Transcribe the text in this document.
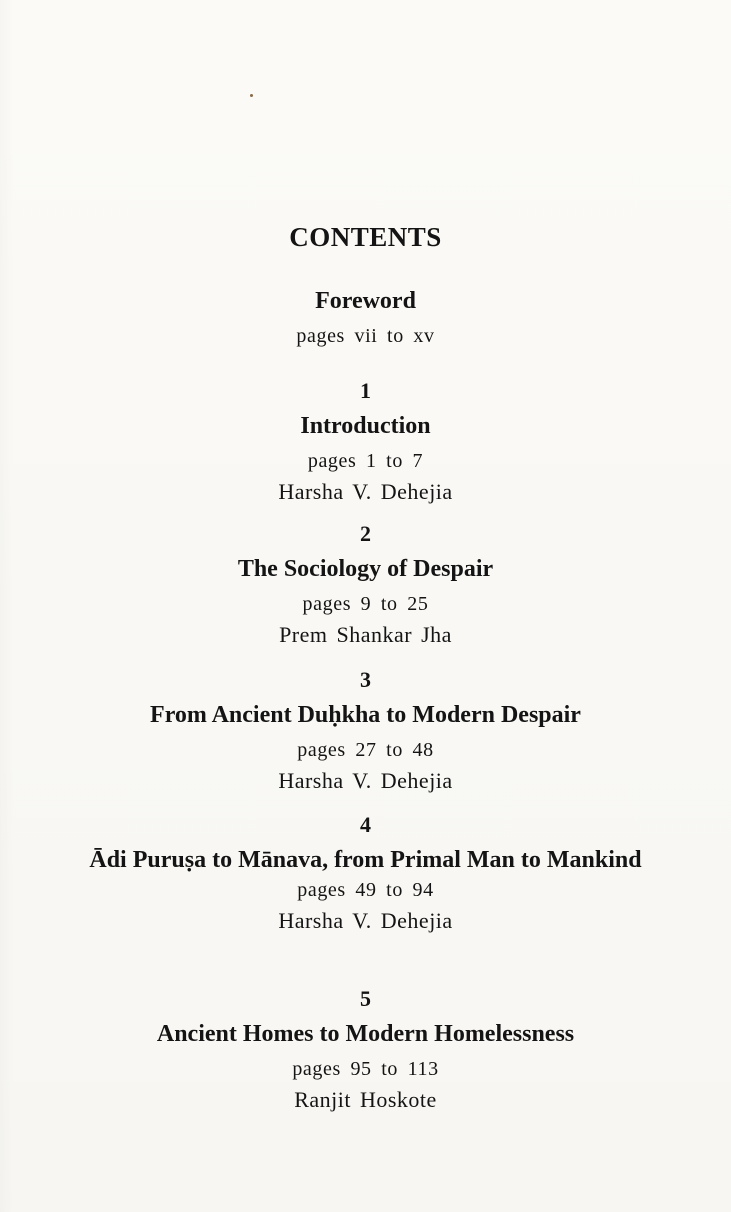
CONTENTS
Foreword
pages vii to xv
1
Introduction
pages 1 to 7
Harsha V. Dehejia
2
The Sociology of Despair
pages 9 to 25
Prem Shankar Jha
3
From Ancient Duḥkha to Modern Despair
pages 27 to 48
Harsha V. Dehejia
4
Ādi Puruṣa to Mānava, from Primal Man to Mankind
pages 49 to 94
Harsha V. Dehejia
5
Ancient Homes to Modern Homelessness
pages 95 to 113
Ranjit Hoskote
